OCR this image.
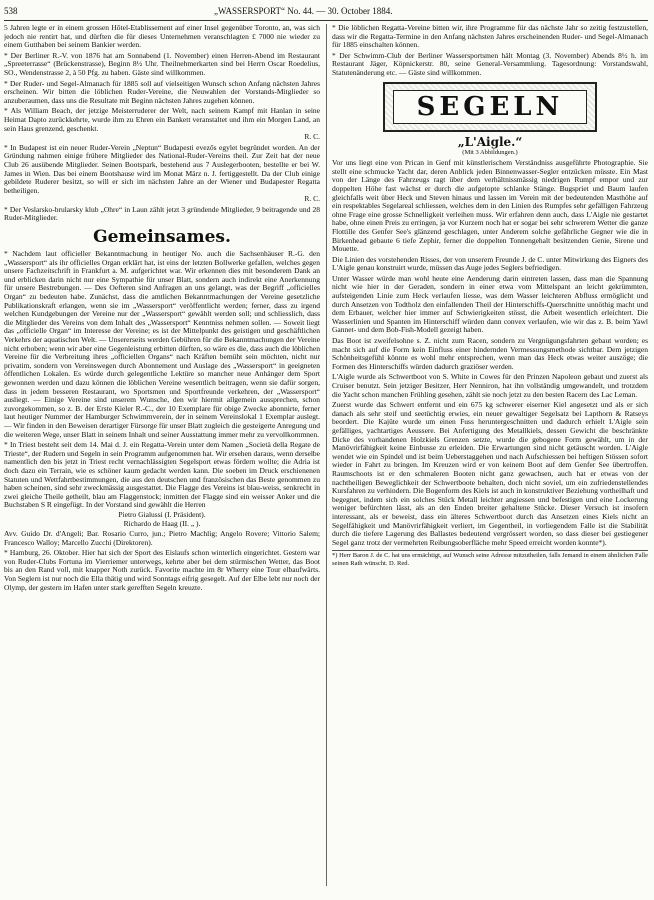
538	„WASSERSPORT“ No. 44. — 30. October 1884.

5 Jahren legte er in einem grossen Hôtel-Etablissement auf einer Insel gegenüber Toronto, an, was sich jedoch nie rentirt hat, und dürften die für dieses Unternehmen veranschlagten £ 7000 nie wieder zu einem Gutthaben bei seinem Bankier werden.

* Der Berliner R.-V. von 1876 hat am Sonnabend (1. November) einen Herren-Abend im Restaurant „Spreeterrasse“ (Brückenstrasse), Beginn 8½ Uhr. Theilnehmerkarten sind bei Herrn Oscar Roedelius, SO., Wendenstrasse 2, à 50 Pfg. zu haben. Gäste sind willkommen.

* Der Ruder- und Segel-Almanach für 1885 soll auf vielseitigen Wunsch schon Anfang nächsten Jahres erscheinen. Wir bitten die löblichen Ruder-Vereine, die Neuwahlen der Vorstands-Mitglieder so anzuberaumen, dass uns die Resultate mit Beginn nächsten Jahres zugehen können.

* Als William Beach, der jetzige Meisterruderer der Welt, nach seinem Kampf mit Hanlan in seine Heimat Dapto zurückkehrte, wurde ihm zu Ehren ein Bankett veranstaltet und ihm ein Morgen Land, an sein Haus grenzend, geschenkt.

R. C.

* In Budapest ist ein neuer Ruder-Verein „Neptun“ Budapesti evezős egylet begründet worden. An der Gründung nahmen einige frühere Mitglieder des National-Ruder-Vereins theil. Zur Zeit hat der neue Club 26 ausübende Mitglieder. Seinen Bootspark, bestehend aus 7 Auslegerbooten, bestellte er bei W. James in Wien. Das bei einem Bootshause wird im Monat März n. J. fertiggestellt. Da der Club einige gebildete Ruderer besitzt, so will er sich im nächsten Jahre an der Wiener und Budapester Regatta betheiligen.

R. C.

* Der Veslarsko-brularsky klub „Ohre“ in Laun zählt jetzt 3 gründende Mitglieder, 9 beitragende und 28 Ruder-Mitglieder.

Gemeinsames.

* Nachdem laut officieller Bekanntmachung in heutiger No. auch die Sachsenhäuser R.-G. den „Wassersport“ als ihr officielles Organ erklärt hat, ist eins der letzten Bollwerke gefallen, welches gegen unsere Fachzeitschrift in Frankfurt a. M. aufgerichtet war. Wir erkennen dies mit besonderem Dank an und erblicken darin nicht nur eine Sympathie für unser Blatt, sondern auch indirekt eine Anerkennung für unsere Bestrebungen. — Des Oefteren sind Anfragen an uns gelangt, was der Begriff „officielles Organ“ zu bedeuten habe. Zunächst, dass die amtlichen Bekanntmachungen der Vereine gesetzliche Publikationskraft erlangen, wenn sie im „Wassersport“ veröffentlicht werden; ferner, dass zu irgend welchen Kundgebungen der Vereine nur der „Wassersport“ gewählt werden soll; und schliesslich, dass die Mitglieder des Vereins von dem Inhalt des „Wassersport“ Kenntniss nehmen sollen. — Soweit liegt das „officielle Organ“ im Interesse der Vereine; es ist der Mittelpunkt des geistigen und geschäftlichen Verkehrs der aquatischen Welt. — Unsererseits werden Gebühren für die Bekanntmachungen der Vereine nicht erhoben; wenn wir aber eine Gegenleistung erbitten dürften, so wäre es die, dass auch die löblichen Vereine für die Verbreitung ihres „officiellen Organs“ nach Kräften bemüht sein möchten, nicht nur privatim, sondern von Vereinswegen durch Abonnement und Auslage des „Wassersport“ in geeigneten öffentlichen Lokalen. Es würde durch gelegentliche Lektüre so mancher neue Anhänger dem Sport gewonnen werden und dazu können die löblichen Vereine wesentlich beitragen, wenn sie dafür sorgen, dass in jedem besseren Restaurant, wo Sportsmen und Sportfreunde verkehren, der „Wassersport“ ausliegt. — Einige Vereine sind unserem Wunsche, den wir hiermit allgemein aussprechen, schon zuvorgekommen, so z. B. der Erste Kieler R.-C., der 10 Exemplare für obige Zwecke abonnirte, ferner laut heutiger Nummer der Hamburger Schwimmverein, der in seinem Vereinslokal 1 Exemplar auslegt. — Wir finden in den Beweisen derartiger Fürsorge für unser Blatt zugleich die gesteigerte Anregung und die weiteren Wege, unser Blatt in seinem Inhalt und seiner Ausstattung immer mehr zu vervollkommnen.

* In Triest besteht seit dem 14. Mai d. J. ein Regatta-Verein unter dem Namen „Società della Regate de Trieste“, der Rudern und Segeln in sein Programm aufgenommen hat. Wir ersehen daraus, wenn derselbe namentlich den bis jetzt in Triest recht vernachlässigten Segelsport etwas fördern wollte; die Adria ist doch dazu ein Terrain, wie es schöner kaum gedacht werden kann. Die soeben im Druck erschienenen Statuten und Wettfahrtbestimmungen, die aus den deutschen und französischen das Beste genommen zu haben scheinen, sind sehr zweckmässig ausgestattet. Die Flagge des Vereins ist blau-weiss, senkrecht in zwei gleiche Theile getheilt, blau am Flaggenstock; inmitten der Flagge sind ein weisser Anker und die Buchstaben S R eingefügt. In der Vorstand sind gewählt die Herren

Pietro Gialussi (I. Präsident).

Richardo de Haag (II. „ ).

Avv. Guido Dr. d'Angeli; Bar. Rosario Curro, jun.; Pietro Machlig; Angelo Rovere; Vittorio Salem; Francesco Walloy; Marcello Zucchi (Direktoren).

* Hamburg, 26. Oktober. Hier hat sich der Sport des Eislaufs schon winterlich eingerichtet. Gestern war von Ruder-Clubs Fortuna im Vierriemer unterwegs, kehrte aber bei dem stürmischen Wetter, das Boot bis an den Rand voll, mit knapper Noth zurück. Favorite machte im 8r Wherry eine Tour elbaufwärts. Von Seglern ist nur noch die Ella thätig und wird Sonntags eifrig gesegelt. Auf der Elbe lebt nur noch der Olymp, der gestern im Hafen unter stark gerefften Segeln kreuzte.

* Die löblichen Regatta-Vereine bitten wir, ihre Programme für das nächste Jahr so zeitig festzustellen, dass wir die Regatta-Termine in den Anfang nächsten Jahres erscheinenden Ruder- und Segel-Almanach für 1885 einschalten können.

* Der Schwimm-Club der Berliner Wassersportsmen hält Montag (3. November) Abends 8½ h. im Restaurant Jäger, Köpnickerstr. 80, seine General-Versammlung. Tagesordnung: Vorstandswahl, Statutenänderung etc. — Gäste sind willkommen.

SEGELN
„L'Aigle.“

(Mit 3 Abbildungen.)

Vor uns liegt eine von Prican in Genf mit künstlerischem Verständniss ausgeführte Photographie. Sie stellt eine schmucke Yacht dar, deren Anblick jeden Binnenwasser-Segler entzücken müsste. Ein Mast von der Länge des Fahrzeugs ragt über dem verhältnissmässig niedrigen Rumpf empor und zur doppelten Höhe fast wächst er durch die aufgetopte schlanke Stänge. Bugspriet und Baum laufen gleichfalls weit über Heck und Steven hinaus und lassen im Verein mit der bedeutenden Masthöhe auf ein respektables Segelareal schliessen, welches dem in den Linien des Rumpfes sehr gefälligen Fahrzeug ohne Frage eine grosse Schnelligkeit verleihen muss. Wir erfahren denn auch, dass L'Aigle nie gestartet habe, ohne einen Preis zu erringen, ja vor Kurzem noch hat er sogar bei sehr schwerem Wetter die ganze Flottille des Genfer See's glänzend geschlagen, unter Anderem solche gefährliche Gegner wie die in Birkenhead gebaute 6 tiefe Zephir, ferner die doppelten Tonnengehalt besitzenden Genie, Sirene und Mouette.

Die Linien des vorstehenden Risses, der von unserem Freunde J. de C. unter Mitwirkung des Eigners des L'Aigle genau konstruirt wurde, müssen das Auge jedes Seglers befriedigen.

Unter Wasser würde man wohl heute eine Aenderung darin eintreten lassen, dass man die Spannung nicht wie hier in der Geraden, sondern in einer etwa vom Mittelspant an leicht gekrümmten, aufsteigenden Linie zum Heck verlaufen liesse, was dem Wasser leichteren Abfluss ermöglicht und durch Ansetzen von Todtholz den einfallenden Theil der Hinterschiffs-Querschnitte unnöthig macht und dem Erbauer, welcher hier immer auf Schwierigkeiten stösst, die Arbeit wesentlich erleichtert. Die Wasserlinien und Spanten im Hinterschiff würden dann convex verlaufen, wie wir das z. B. beim Yawl Gannet- und dem Bob-Fish-Modell gezeigt haben.

Das Boot ist zweifelsohne s. Z. nicht zum Racen, sondern zu Vergnügungsfahrten gebaut worden; es macht sich auf die Form kein Einfluss einer hindernden Vermessungsmethode sichtbar. Dem jetzigen Schönheitsgefühl könnte es wohl mehr entsprechen, wenn man das Heck etwas weiter auszöge; die Formen des Hinterschiffs würden dadurch graziöser werden.

L'Aigle wurde als Schwertboot von S. White in Cowes für den Prinzen Napoleon gebaut und zuerst als Cruiser benutzt. Sein jetziger Besitzer, Herr Nenniron, hat ihn vollständig umgewandelt, und trotzdem die Yacht schon manchen Frühling gesehen, zählt sie noch jetzt zu den besten Racern des Lac Leman.

Zuerst wurde das Schwert entfernt und ein 675 kg schwerer eiserner Kiel angesetzt und als er sich danach als sehr steif und seetüchtig erwies, ein neuer gewaltiger Segelsatz bei Lapthorn & Ratseys beordert. Die Kajüte wurde um einen Fuss heruntergeschnitten und dadurch erhielt L'Aigle sein gefälliges, yachtartiges Aeussere. Bei Anfertigung des Metallkiels, dessen Gewicht die beschränkte Dicke des vorhandenen Holzkiels Grenzen setzte, wurde die gebogene Form gewählt, um in der Manövrirfähigkeit keine Einbusse zu erleiden. Die Erwartungen sind nicht getäuscht worden. L'Aigle wendet wie ein Spindel und ist beim Ueberstaggehen und nach Aufschiessen bei heftigen Stössen sofort wieder in Fahrt zu bringen. Im Kreuzen wird er von keinem Boot auf dem Genfer See übertroffen. Raumschoots ist er den schmaleren Booten nicht ganz gewachsen, auch hat er etwas von der nachtheiligen Beweglichkeit der Schwertboote behalten, doch nicht soviel, um ein zufriedenstellendes Kursfahren zu verhindern. Die Bogenform des Kiels ist auch in konstruktiver Beziehung vortheilhaft und begegnet, indem sich ein solches Stück Metall leichter angiessen und befestigen und eine Lockerung weniger befürchten lässt, als an den Enden breiter gehaltene Stücke. Dieser Versuch ist insofern interessant, als er beweist, dass ein älteres Schwertboot durch das Ansetzen eines Kiels nicht an Segelfähigkeit und Manövrirfähigkeit verliert, im Gegentheil, in vorliegendem Falle ist die Stabilität durch die tiefere Lagerung des Ballastes bedeutend vergrössert worden, so dass dieser bei gestiegener Segel ganz trotz der vermehrten Reibungsoberfläche mehr Speed erreicht worden konnte*).

*) Herr Baron J. de C. hat uns ermächtigt, auf Wunsch seine Adresse mitzutheilen, falls Jemand in einem ähnlichen Falle seinen Rath wünscht. D. Red.
